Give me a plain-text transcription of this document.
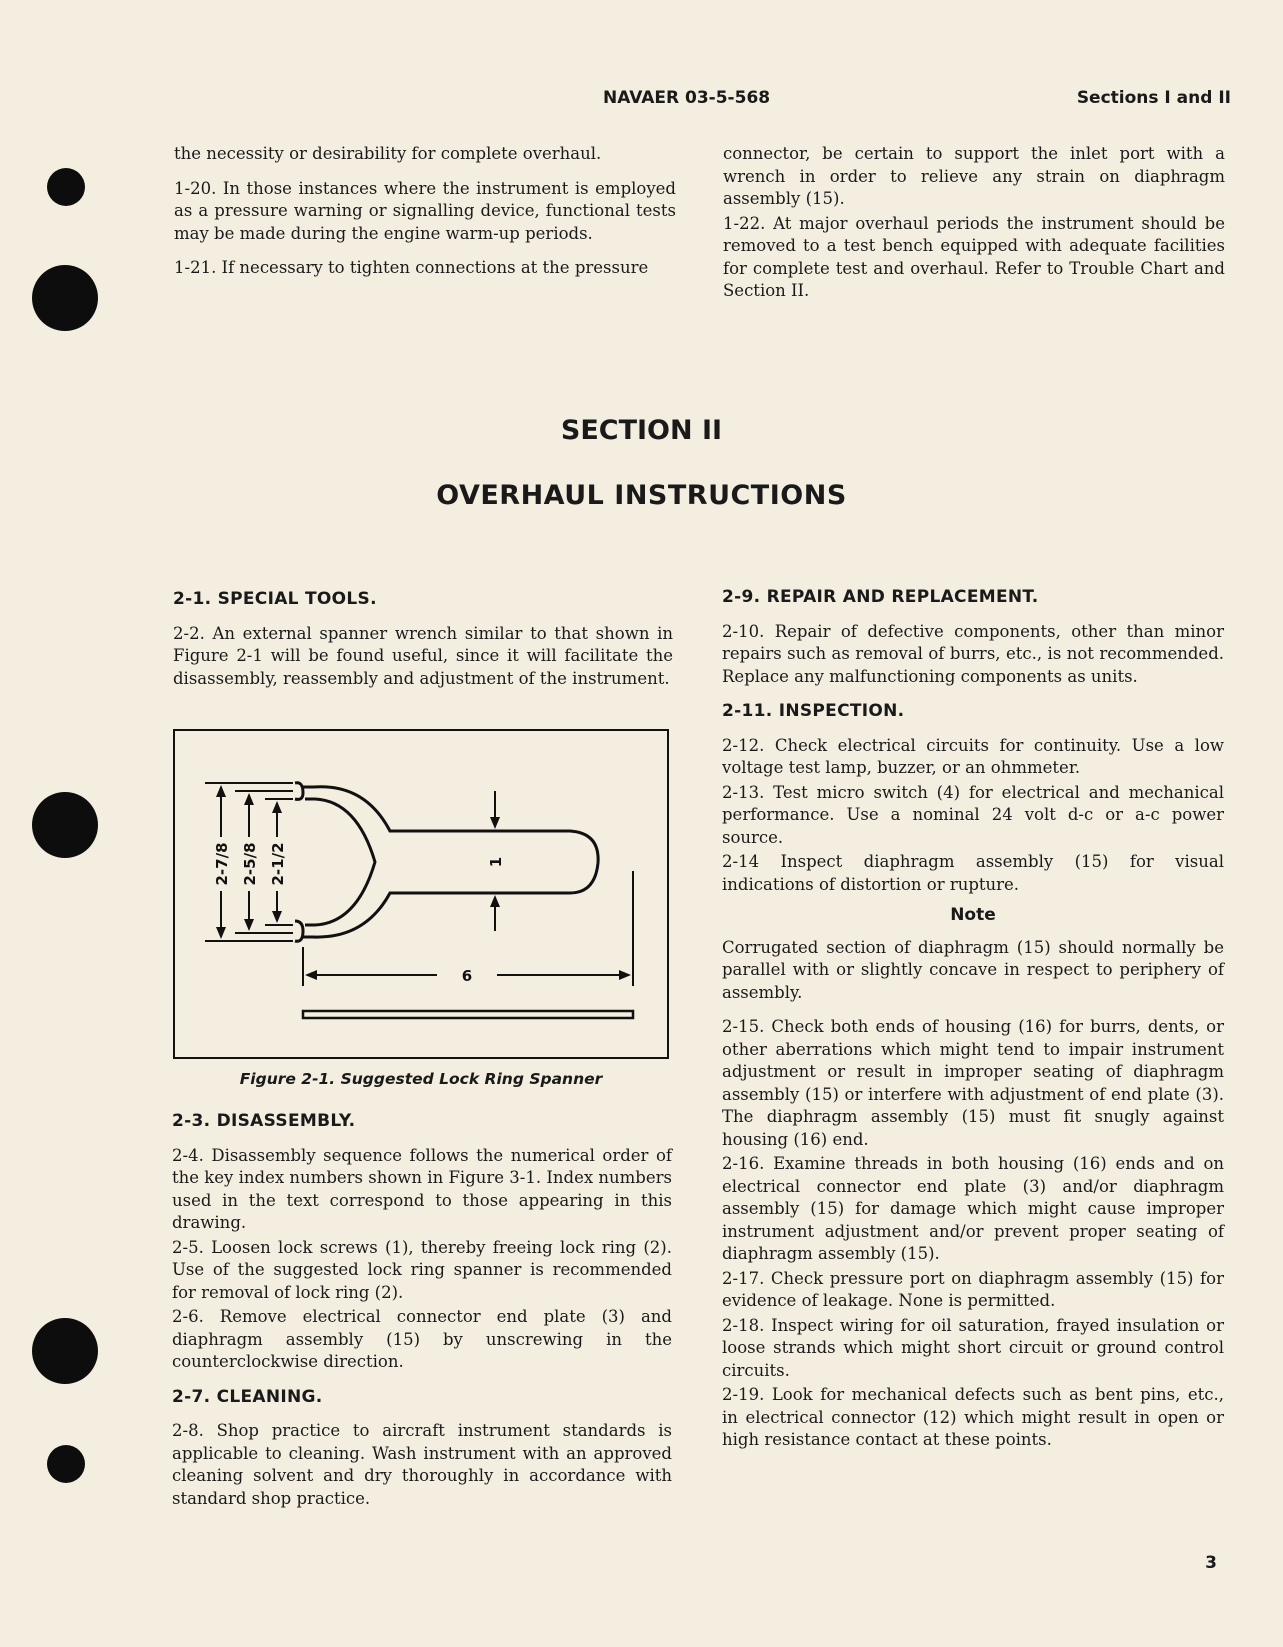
NAVAER 03-5-568	Sections I and II

the necessity or desirability for complete overhaul.

1-20. In those instances where the instrument is employed as a pressure warning or signalling device, functional tests may be made during the engine warm-up periods.

1-21. If necessary to tighten connections at the pressure

connector, be certain to support the inlet port with a wrench in order to relieve any strain on diaphragm assembly (15).

1-22. At major overhaul periods the instrument should be removed to a test bench equipped with adequate facilities for complete test and overhaul. Refer to Trouble Chart and Section II.

SECTION II
OVERHAUL INSTRUCTIONS
2-1. SPECIAL TOOLS.

2-2. An external spanner wrench similar to that shown in Figure 2-1 will be found useful, since it will facilitate the disassembly, reassembly and adjustment of the instrument.

2-7/8 2-5/8 2-1/2	1
6
Figure 2-1. Suggested Lock Ring Spanner
2-3. DISASSEMBLY.

2-4. Disassembly sequence follows the numerical order of the key index numbers shown in Figure 3-1. Index numbers used in the text correspond to those appearing in this drawing.

2-5. Loosen lock screws (1), thereby freeing lock ring (2). Use of the suggested lock ring spanner is recommended for removal of lock ring (2).

2-6. Remove electrical connector end plate (3) and diaphragm assembly (15) by unscrewing in the counterclockwise direction.

2-7. CLEANING.

2-8. Shop practice to aircraft instrument standards is applicable to cleaning. Wash instrument with an approved cleaning solvent and dry thoroughly in accordance with standard shop practice.

2-9. REPAIR AND REPLACEMENT.

2-10. Repair of defective components, other than minor repairs such as removal of burrs, etc., is not recommended. Replace any malfunctioning components as units.

2-11. INSPECTION.

2-12. Check electrical circuits for continuity. Use a low voltage test lamp, buzzer, or an ohmmeter.

2-13. Test micro switch (4) for electrical and mechanical performance. Use a nominal 24 volt d-c or a-c power source.

2-14 Inspect diaphragm assembly (15) for visual indications of distortion or rupture.

Note

Corrugated section of diaphragm (15) should normally be parallel with or slightly concave in respect to periphery of assembly.

2-15. Check both ends of housing (16) for burrs, dents, or other aberrations which might tend to impair instrument adjustment or result in improper seating of diaphragm assembly (15) or interfere with adjustment of end plate (3). The diaphragm assembly (15) must fit snugly against housing (16) end.

2-16. Examine threads in both housing (16) ends and on electrical connector end plate (3) and/or diaphragm assembly (15) for damage which might cause improper instrument adjustment and/or prevent proper seating of diaphragm assembly (15).

2-17. Check pressure port on diaphragm assembly (15) for evidence of leakage. None is permitted.

2-18. Inspect wiring for oil saturation, frayed insulation or loose strands which might short circuit or ground control circuits.

2-19. Look for mechanical defects such as bent pins, etc., in electrical connector (12) which might result in open or high resistance contact at these points.

3
